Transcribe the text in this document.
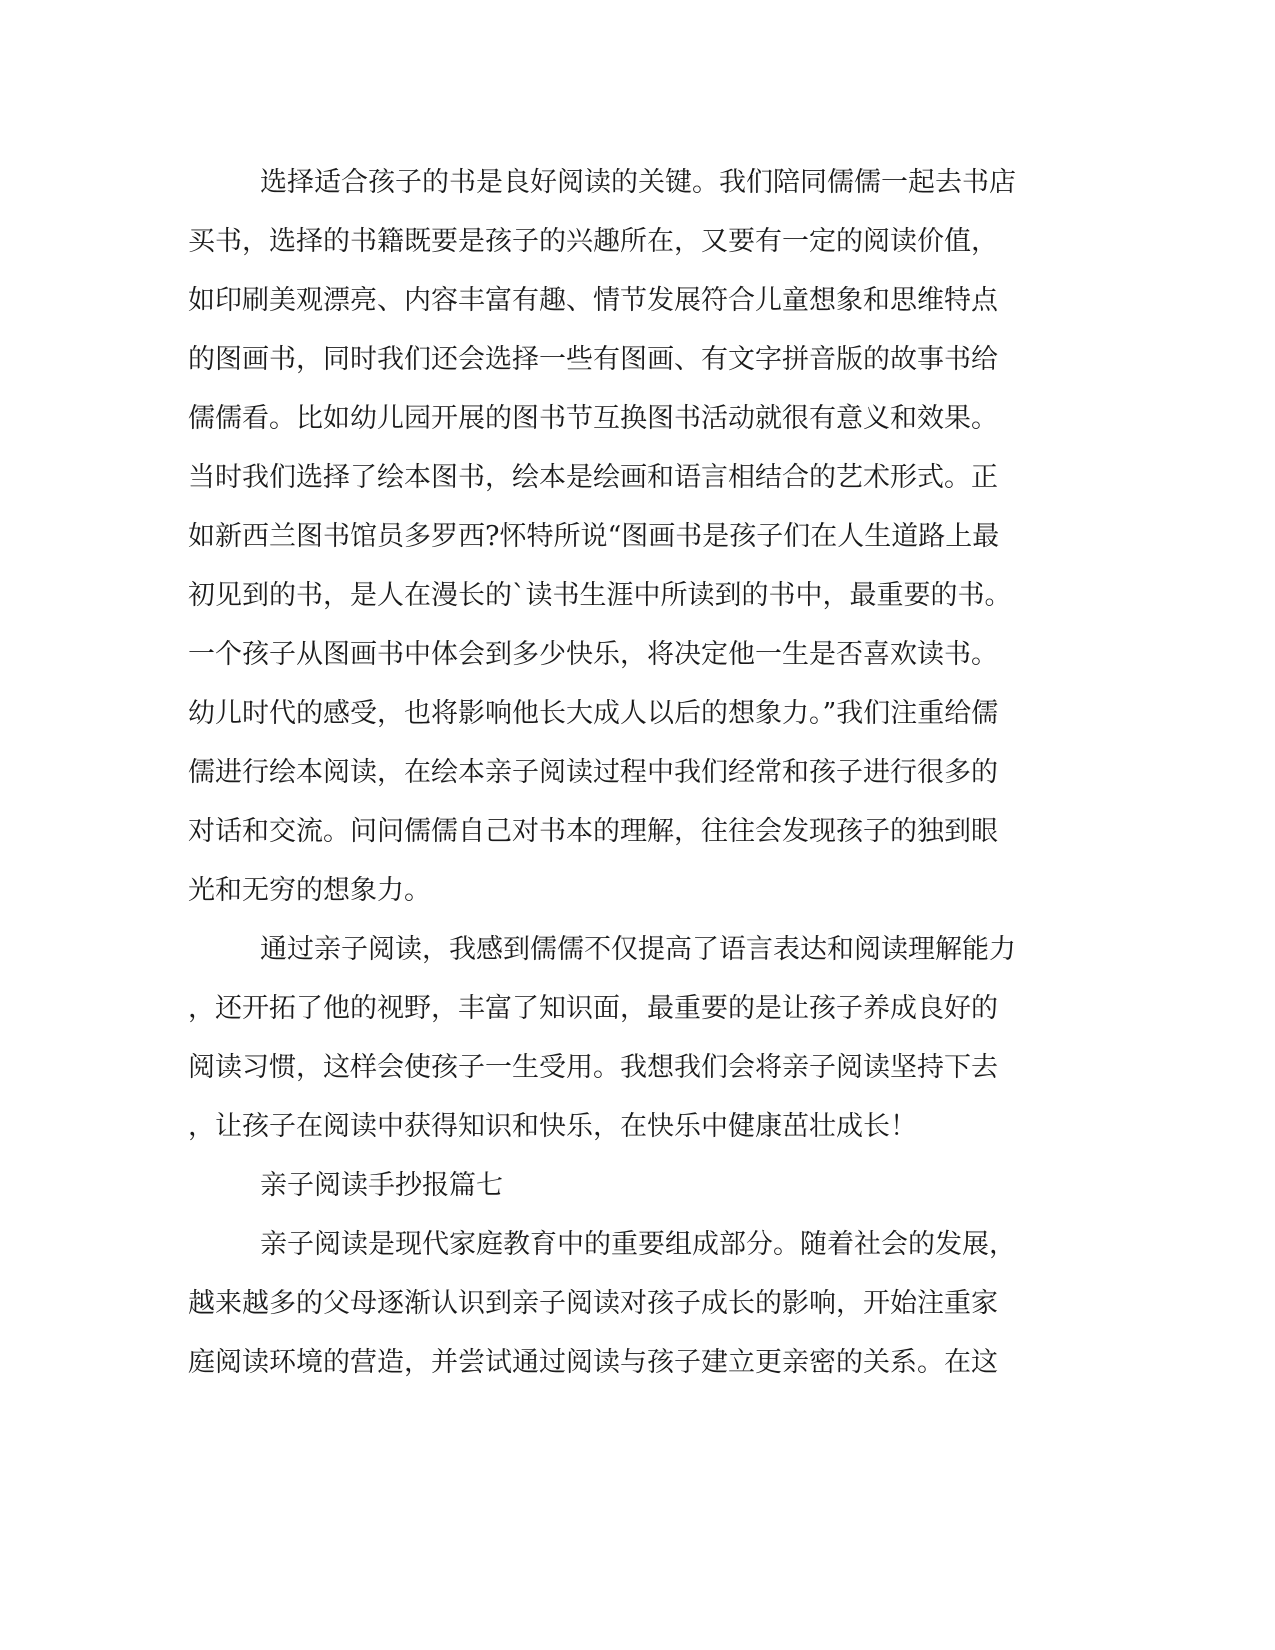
选择适合孩子的书是良好阅读的关键。我们陪同儒儒一起去书店
买书，选择的书籍既要是孩子的兴趣所在，又要有一定的阅读价值，
如印刷美观漂亮、内容丰富有趣、情节发展符合儿童想象和思维特点
的图画书，同时我们还会选择一些有图画、有文字拼音版的故事书给
儒儒看。比如幼儿园开展的图书节互换图书活动就很有意义和效果。
当时我们选择了绘本图书，绘本是绘画和语言相结合的艺术形式。正
如新西兰图书馆员多罗西?怀特所说“图画书是孩子们在人生道路上最
初见到的书，是人在漫长的`读书生涯中所读到的书中，最重要的书。
一个孩子从图画书中体会到多少快乐，将决定他一生是否喜欢读书。
幼儿时代的感受，也将影响他长大成人以后的想象力。”我们注重给儒
儒进行绘本阅读，在绘本亲子阅读过程中我们经常和孩子进行很多的
对话和交流。问问儒儒自己对书本的理解，往往会发现孩子的独到眼
光和无穷的想象力。
通过亲子阅读，我感到儒儒不仅提高了语言表达和阅读理解能力
，还开拓了他的视野，丰富了知识面，最重要的是让孩子养成良好的
阅读习惯，这样会使孩子一生受用。我想我们会将亲子阅读坚持下去
，让孩子在阅读中获得知识和快乐，在快乐中健康茁壮成长！
亲子阅读手抄报篇七
亲子阅读是现代家庭教育中的重要组成部分。随着社会的发展，
越来越多的父母逐渐认识到亲子阅读对孩子成长的影响，开始注重家
庭阅读环境的营造，并尝试通过阅读与孩子建立更亲密的关系。在这
